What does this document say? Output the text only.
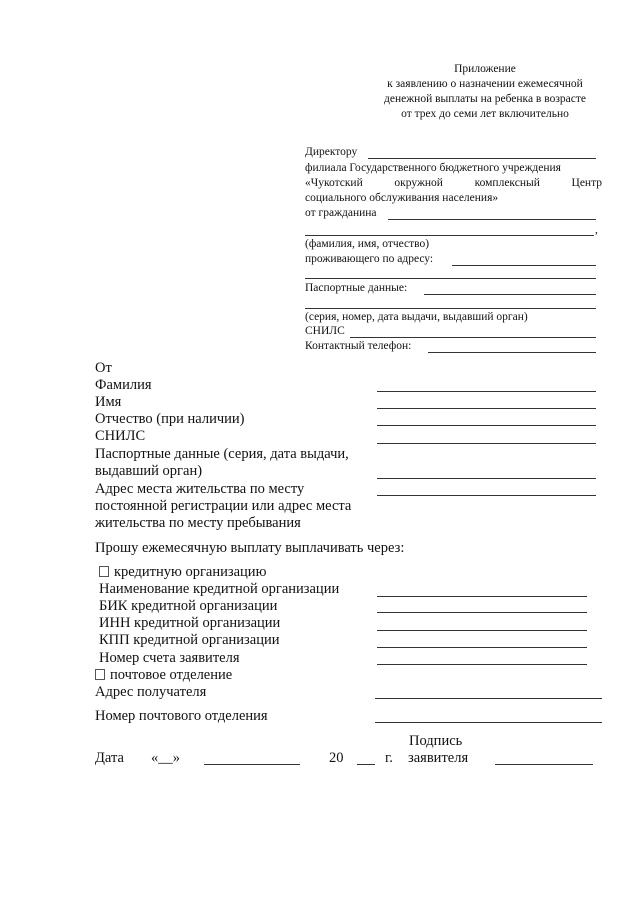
Приложение
к заявлению о назначении ежемесячной
денежной выплаты на ребенка в возрасте
от трех до семи лет включительно
Директору
филиала Государственного бюджетного учреждения
«Чукотский	окружной	комплексный	Центр
социального обслуживания населения»
от гражданина
,
(фамилия, имя, отчество)
проживающего по адресу:
Паспортные данные:
(серия, номер, дата выдачи, выдавший орган)
СНИЛС
Контактный телефон:
От
Фамилия
Имя
Отчество (при наличии)
СНИЛС
Паспортные данные (серия, дата выдачи,
выдавший орган)
Адрес места жительства по месту
постоянной регистрации или адрес места
жительства по месту пребывания
Прошу ежемесячную выплату выплачивать через:
кредитную организацию
Наименование кредитной организации
БИК кредитной организации
ИНН кредитной организации
КПП кредитной организации
Номер счета заявителя
почтовое отделение
Адрес получателя
Номер почтового отделения
Подпись
Дата «__»	20	г. заявителя
